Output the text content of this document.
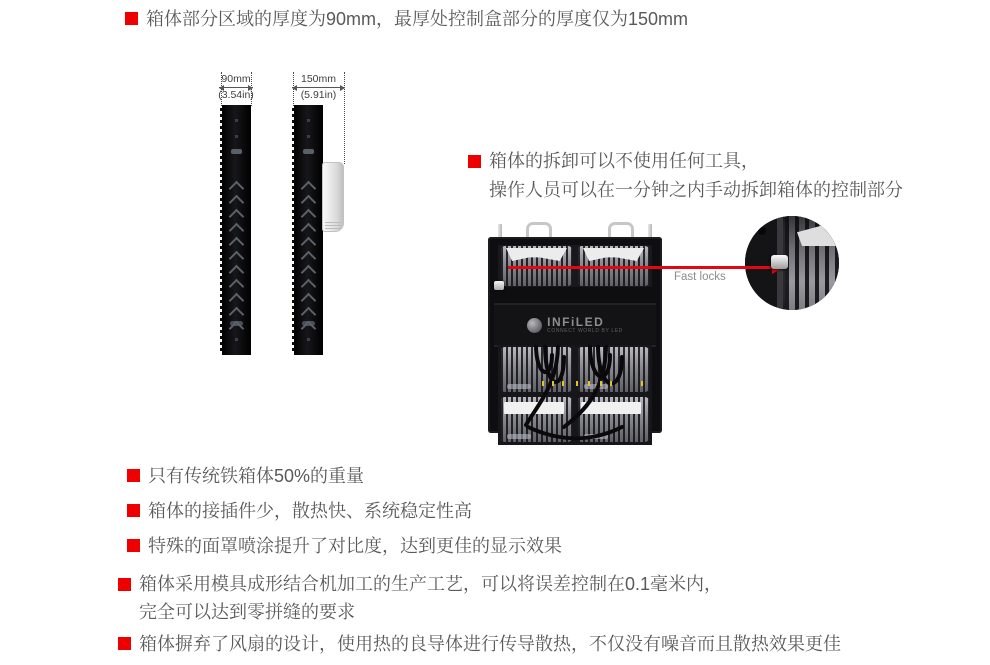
箱体部分区域的厚度为90mm，最厚处控制盒部分的厚度仅为150mm
90mm
(3.54in)
150mm
(5.91in)
箱体的拆卸可以不使用任何工具，
操作人员可以在一分钟之内手动拆卸箱体的控制部分
INFiLED
CONNECT WORLD BY LED
Fast locks
只有传统铁箱体50%的重量
箱体的接插件少，散热快、系统稳定性高
特殊的面罩喷涂提升了对比度，达到更佳的显示效果
箱体采用模具成形结合机加工的生产工艺，可以将误差控制在0.1毫米内，
完全可以达到零拼缝的要求
箱体摒弃了风扇的设计，使用热的良导体进行传导散热，不仅没有噪音而且散热效果更佳
